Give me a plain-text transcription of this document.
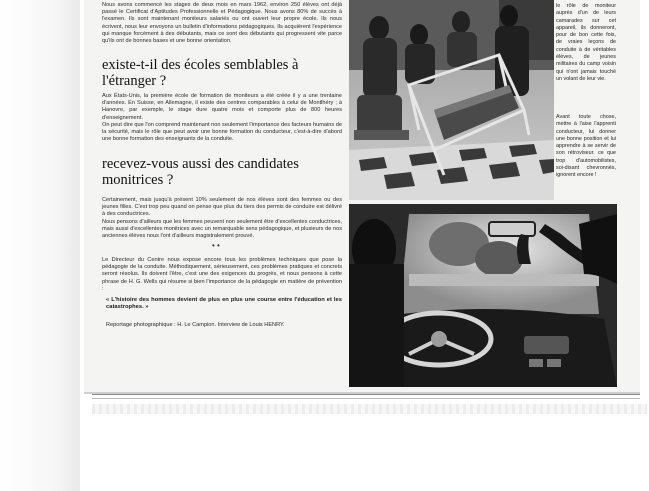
Nous avons commencé les stages de deux mois en mars 1962, environ 250 élèves ont déjà passé le Certificat d'Aptitudes Professionnelle et Pédagogique. Nous avons 80% de succès à l'examen. Ils sont maintenant moniteurs salariés ou ont ouvert leur propre école. Ils nous écrivent, nous leur envoyons un bulletin d'informations pédagogiques. Ils acquièrent l'expérience qui manque forcément à des débutants, mais ce sont des débutants qui progressent vite parce qu'ils ont de bonnes bases et une bonne orientation.

existe-t-il des écoles semblables à l'étranger ?

Aux États-Unis, la première école de formation de moniteurs a été créée il y a une trentaine d'années. En Suisse, en Allemagne, il existe des centres comparables à celui de Montlhéry ; à Hanovre, par exemple, le stage dure quatre mois et comporte plus de 800 heures d'enseignement.

On peut dire que l'on comprend maintenant non seulement l'importance des facteurs humains de la sécurité, mais le rôle que peut avoir une bonne formation du conducteur, c'est-à-dire d'abord une bonne formation des enseignants de la conduite.

recevez-vous aussi des candidates monitrices ?

Certainement, mais jusqu'à présent 10% seulement de nos élèves sont des femmes ou des jeunes filles. C'est trop peu quand on pense que plus du tiers des permis de conduire est délivré à des conductrices.

Nous pensons d'ailleurs que les femmes peuvent non seulement être d'excellentes conductrices, mais aussi d'excellentes monitrices avec un remarquable sens pédagogique, et plusieurs de nos anciennes élèves nous l'ont d'ailleurs magistralement prouvé.

• •

Le Directeur du Centre nous expose encore tous les problèmes techniques que pose la pédagogie de la conduite. Méthodiquement, sérieusement, ces problèmes pratiques et concrets seront résolus. Ils doivent l'être, c'est une des exigences du progrès, et nous pensons à cette phrase de H. G. Wells qui résume si bien l'importance de la pédagogie en matière de prévention :

« L'histoire des hommes devient de plus en plus une course entre l'éducation et les catastrophes. »

Reportage photographique : H. Le Campion. Interview de Louis HENRY.

le rôle de moniteur auprès d'un de leurs camarades sur cet appareil, ils donneront, pour de bon cette fois, de vraies leçons de conduite à de véritables élèves, de jeunes militaires du camp voisin qui n'ont jamais touché un volant de leur vie.

Avant toute chose, mettre à l'aise l'apprenti conducteur, lui donner une bonne position et lui apprendre à se servir de son rétroviseur. ce que trop d'automobilistes, soi-disant chevronnés, ignorent encore !
